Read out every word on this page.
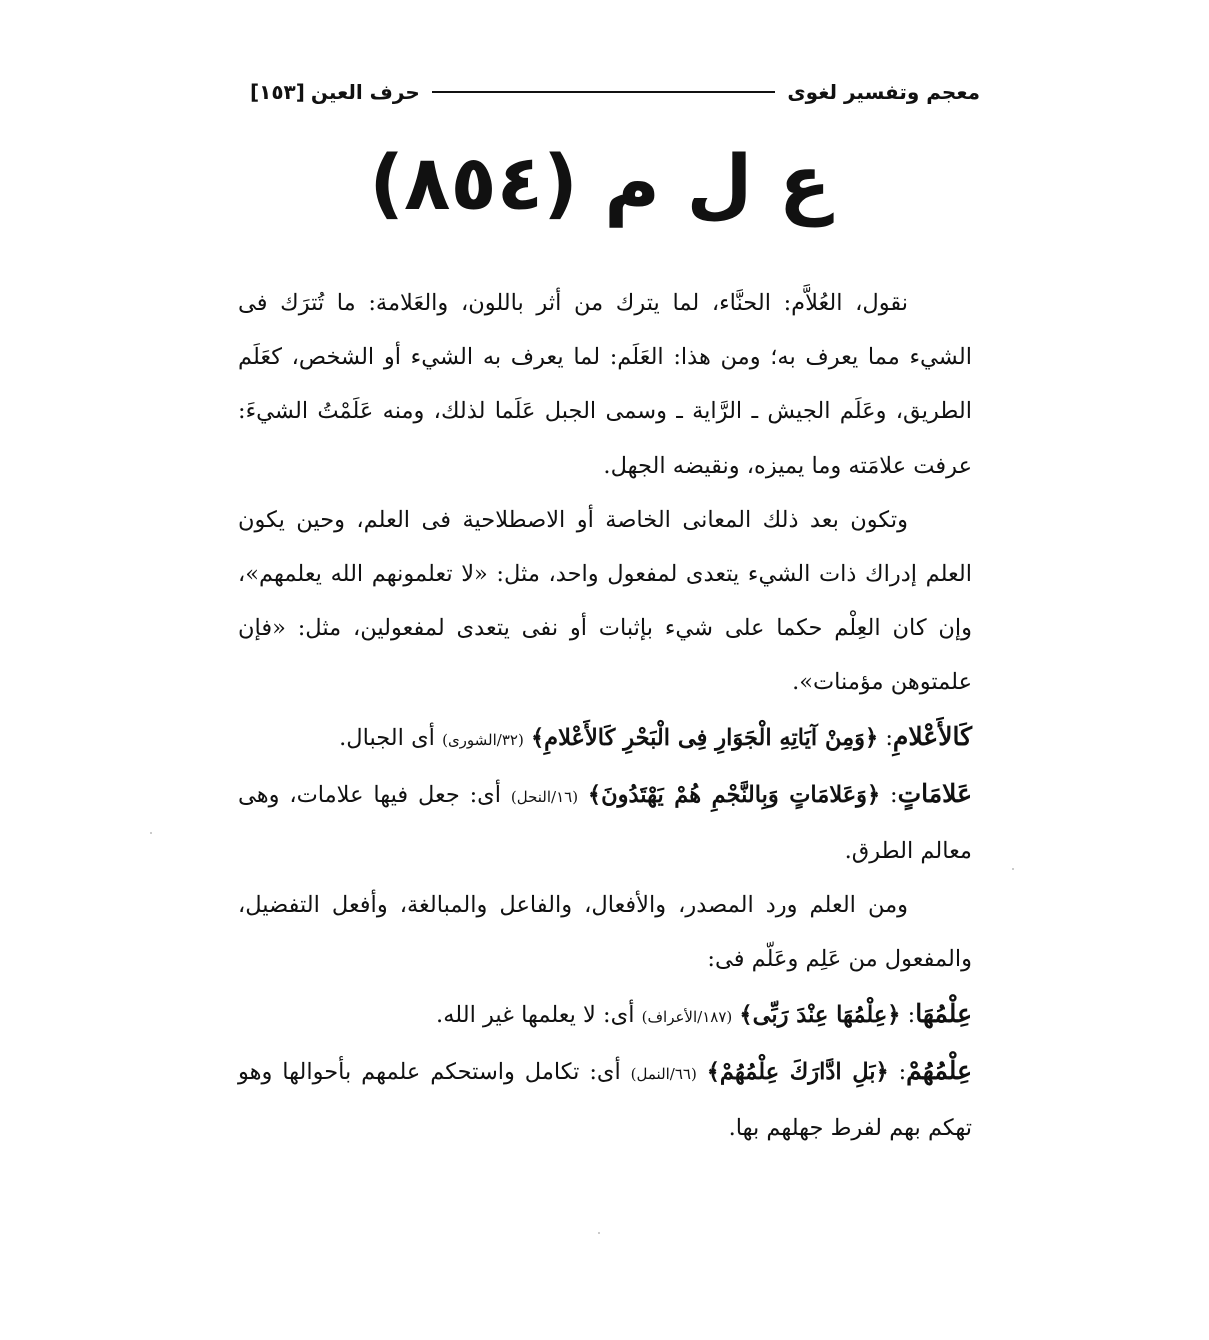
معجم وتفسير لغوى
حرف العين
[١٥٣]
ع ل م (٨٥٤)

نقول، العُلاَّم: الحنَّاء، لما يترك من أثر باللون، والعَلامة: ما تُترَك فى الشيء مما يعرف به؛ ومن هذا: العَلَم: لما يعرف به الشيء أو الشخص، كعَلَم الطريق، وعَلَم الجيش ـ الرَّاية ـ وسمى الجبل عَلَما لذلك، ومنه عَلَمْتُ الشيءَ: عرفت علامَته وما يميزه، ونقيضه الجهل.

وتكون بعد ذلك المعانى الخاصة أو الاصطلاحية فى العلم، وحين يكون العلم إدراك ذات الشيء يتعدى لمفعول واحد، مثل: «لا تعلمونهم الله يعلمهم»، وإن كان العِلْم حكما على شيء بإثبات أو نفى يتعدى لمفعولين، مثل: «فإن علمتوهن مؤمنات».

كَالأَعْلامِ: ﴿وَمِنْ آيَاتِهِ الْجَوَارِ فِى الْبَحْرِ كَالأَعْلامِ﴾ (٣٢/الشورى) أى الجبال.

عَلامَاتٍ: ﴿وَعَلامَاتٍ وَبِالنَّجْمِ هُمْ يَهْتَدُونَ﴾ (١٦/النحل) أى: جعل فيها علامات، وهى معالم الطرق.

ومن العلم ورد المصدر، والأفعال، والفاعل والمبالغة، وأفعل التفضيل، والمفعول من عَلِم وعَلّم فى:

عِلْمُهَا: ﴿عِلْمُهَا عِنْدَ رَبِّى﴾ (١٨٧/الأعراف) أى: لا يعلمها غير الله.

عِلْمُهُمْ: ﴿بَلِ ادَّارَكَ عِلْمُهُمْ﴾ (٦٦/النمل) أى: تكامل واستحكم علمهم بأحوالها وهو تهكم بهم لفرط جهلهم بها.
